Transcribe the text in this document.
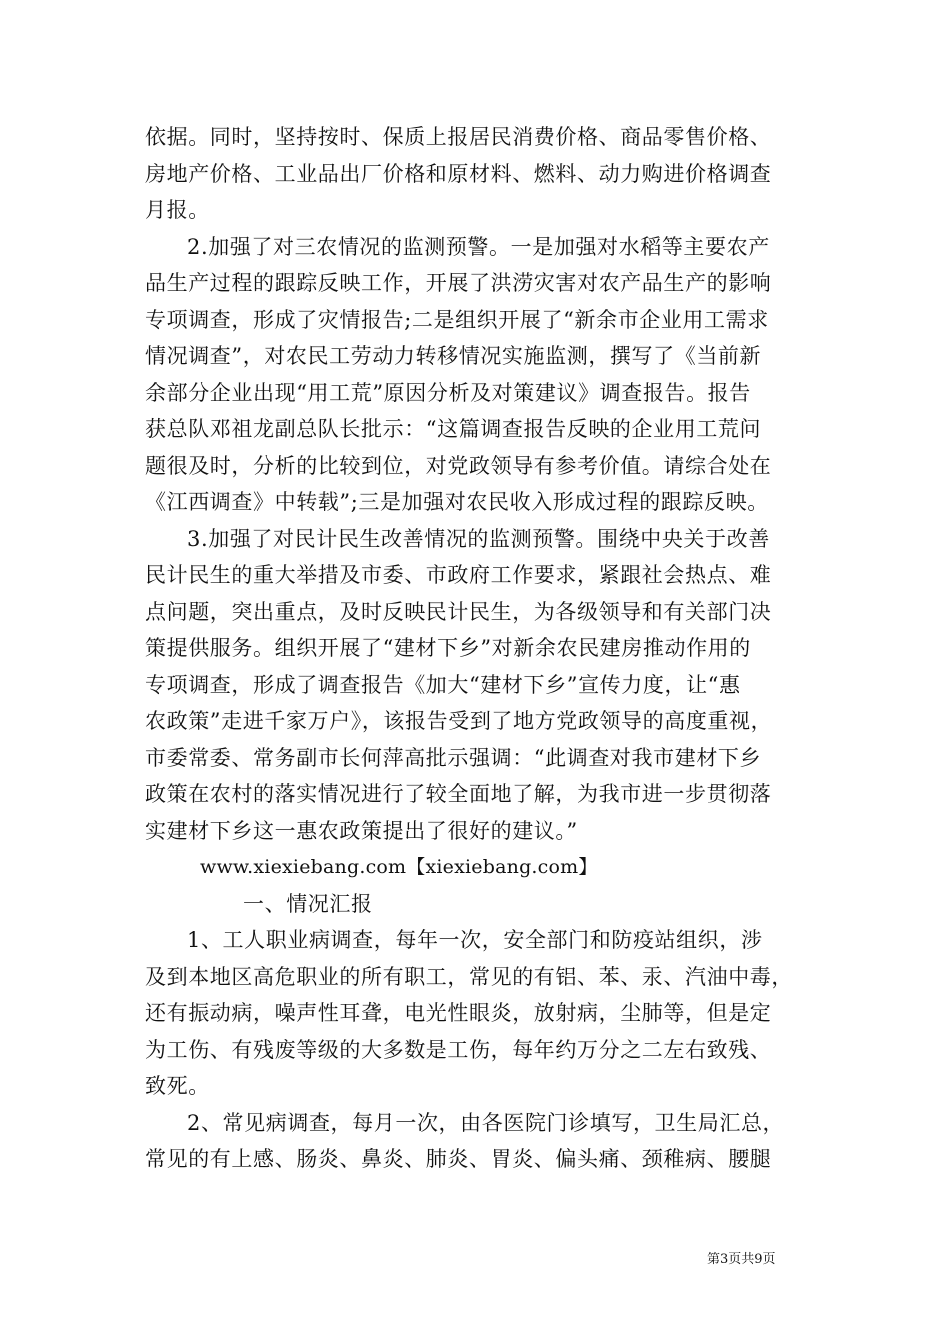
依据。同时，坚持按时、保质上报居民消费价格、商品零售价格、
房地产价格、工业品出厂价格和原材料、燃料、动力购进价格调查
月报。
2.加强了对三农情况的监测预警。一是加强对水稻等主要农产
品生产过程的跟踪反映工作，开展了洪涝灾害对农产品生产的影响
专项调查，形成了灾情报告;二是组织开展了“新余市企业用工需求
情况调查”，对农民工劳动力转移情况实施监测，撰写了《当前新
余部分企业出现“用工荒”原因分析及对策建议》调查报告。报告
获总队邓祖龙副总队长批示：“这篇调查报告反映的企业用工荒问
题很及时，分析的比较到位，对党政领导有参考价值。请综合处在
《江西调查》中转载”;三是加强对农民收入形成过程的跟踪反映。
3.加强了对民计民生改善情况的监测预警。围绕中央关于改善
民计民生的重大举措及市委、市政府工作要求，紧跟社会热点、难
点问题，突出重点，及时反映民计民生，为各级领导和有关部门决
策提供服务。组织开展了“建材下乡”对新余农民建房推动作用的
专项调查，形成了调查报告《加大“建材下乡”宣传力度，让“惠
农政策”走进千家万户》，该报告受到了地方党政领导的高度重视，
市委常委、常务副市长何萍高批示强调：“此调查对我市建材下乡
政策在农村的落实情况进行了较全面地了解，为我市进一步贯彻落
实建材下乡这一惠农政策提出了很好的建议。”
www.xiexiebang.com【xiexiebang.com】
一、情况汇报
1、工人职业病调查，每年一次，安全部门和防疫站组织，涉
及到本地区高危职业的所有职工，常见的有铝、苯、汞、汽油中毒，
还有振动病，噪声性耳聋，电光性眼炎，放射病，尘肺等，但是定
为工伤、有残废等级的大多数是工伤，每年约万分之二左右致残、
致死。
2、常见病调查，每月一次，由各医院门诊填写，卫生局汇总，
常见的有上感、肠炎、鼻炎、肺炎、胃炎、偏头痛、颈稚病、腰腿
第3页共9页
